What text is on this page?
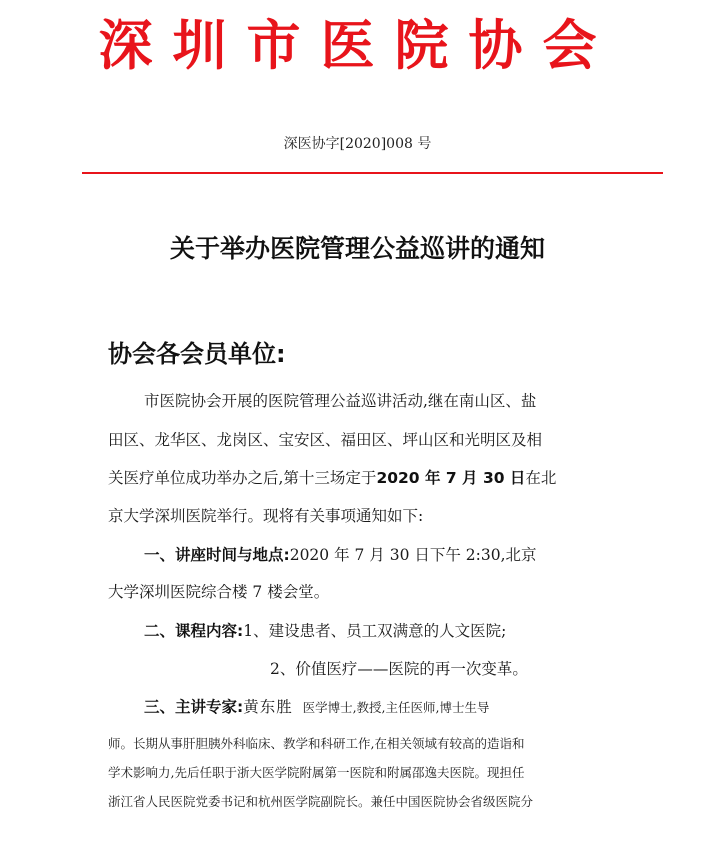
深圳市医院协会
深医协字[2020]008 号
关于举办医院管理公益巡讲的通知
协会各会员单位:
市医院协会开展的医院管理公益巡讲活动,继在南山区、盐
田区、龙华区、龙岗区、宝安区、福田区、坪山区和光明区及相
关医疗单位成功举办之后,第十三场定于2020 年 7 月 30 日在北
京大学深圳医院举行。现将有关事项通知如下:
一、讲座时间与地点:2020 年 7 月 30 日下午 2:30,北京
大学深圳医院综合楼 7 楼会堂。
二、课程内容:1、建设患者、员工双满意的人文医院;
2、价值医疗——医院的再一次变革。
三、主讲专家:黄东胜 医学博士,教授,主任医师,博士生导
师。长期从事肝胆胰外科临床、教学和科研工作,在相关领域有较高的造诣和
学术影响力,先后任职于浙大医学院附属第一医院和附属邵逸夫医院。现担任
浙江省人民医院党委书记和杭州医学院副院长。兼任中国医院协会省级医院分
